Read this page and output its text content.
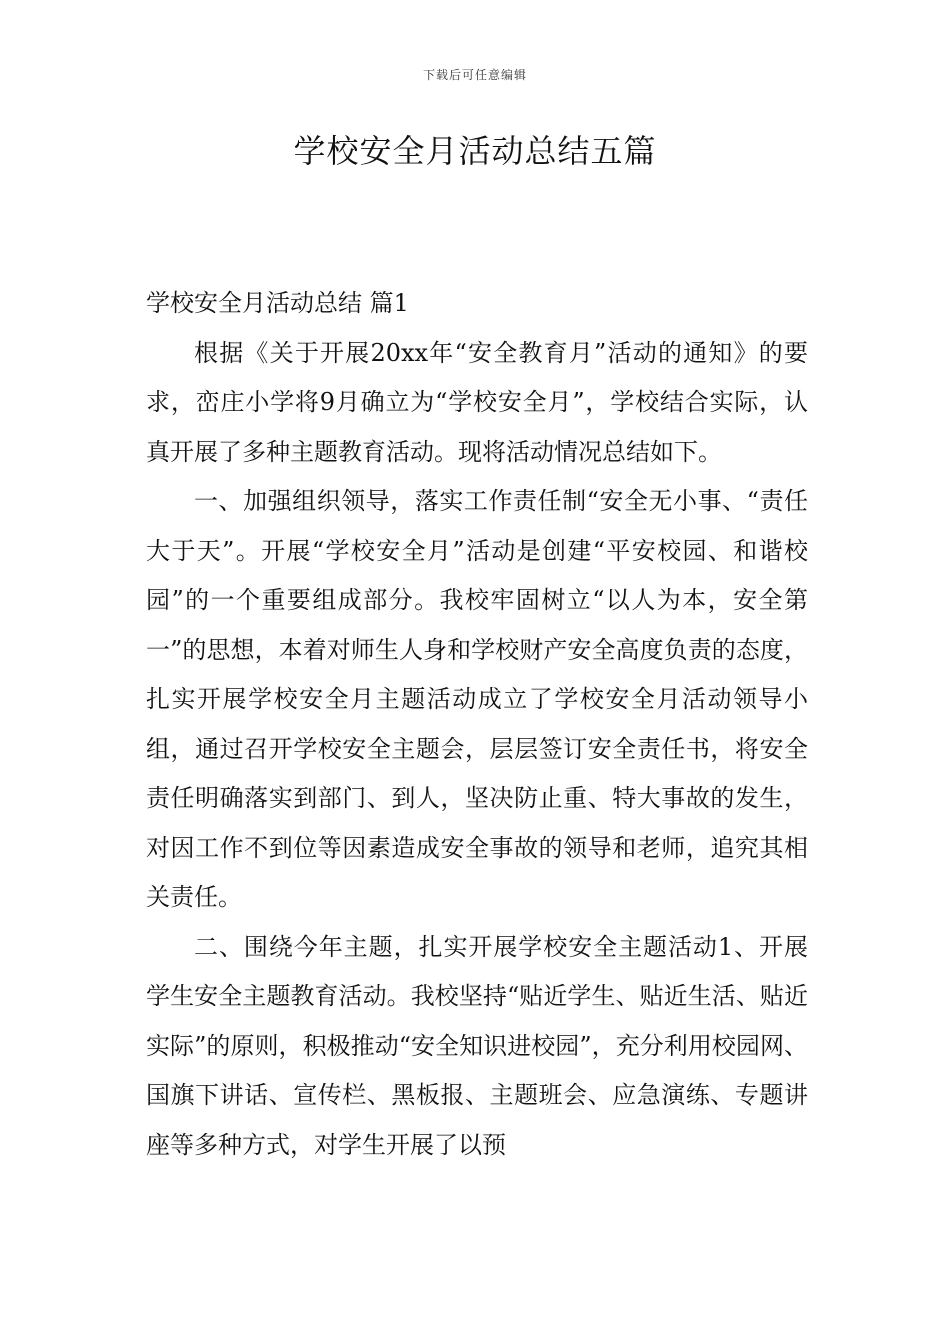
下载后可任意编辑
学校安全月活动总结五篇
学校安全月活动总结 篇1

根据《关于开展20xx年“安全教育月”活动的通知》的要求，峦庄小学将9月确立为“学校安全月”，学校结合实际，认真开展了多种主题教育活动。现将活动情况总结如下。

一、加强组织领导，落实工作责任制“安全无小事、“责任大于天”。开展“学校安全月”活动是创建“平安校园、和谐校园”的一个重要组成部分。我校牢固树立“以人为本，安全第一”的思想，本着对师生人身和学校财产安全高度负责的态度，扎实开展学校安全月主题活动成立了学校安全月活动领导小组，通过召开学校安全主题会，层层签订安全责任书，将安全责任明确落实到部门、到人，坚决防止重、特大事故的发生，对因工作不到位等因素造成安全事故的领导和老师，追究其相关责任。

二、围绕今年主题，扎实开展学校安全主题活动1、开展学生安全主题教育活动。我校坚持“贴近学生、贴近生活、贴近实际”的原则，积极推动“安全知识进校园”，充分利用校园网、国旗下讲话、宣传栏、黑板报、主题班会、应急演练、专题讲座等多种方式，对学生开展了以预
